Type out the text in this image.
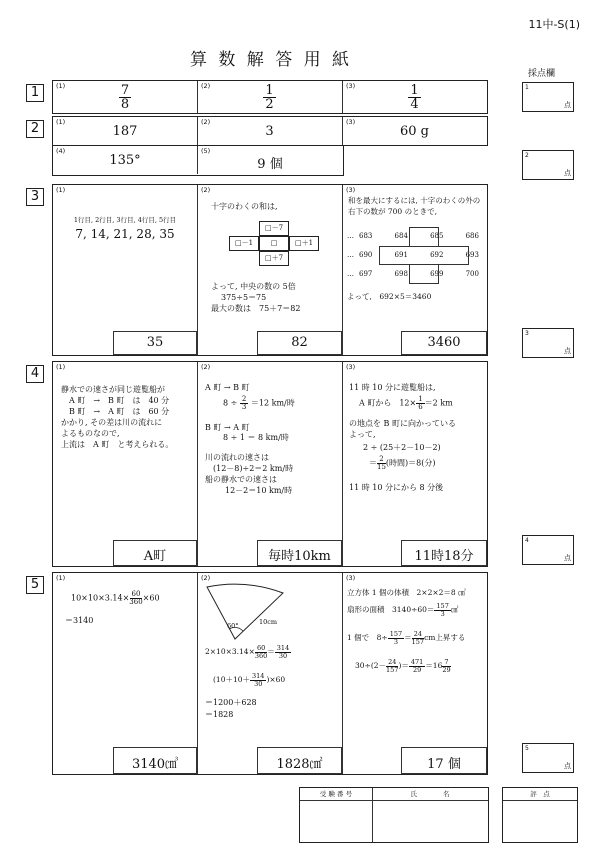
11中-S(1)
算 数 解 答 用 紙
採点欄
1
点
2
点
3
点
4
点
5
点
1	(1)	(2)	(3)
$\frac{7}{8}$	$\frac{1}{2}$	$\frac{1}{4}$
2	(1)	(2)	(3)
187	3	60 g
(4)	(5)
135°	9 個
3	(1)	(2)	(3)
1行目, 2行目, 3行目, 4行目, 5行目
7, 14, 21, 28, 35
十字のわくの和は,
□－7
□－1	□	□＋1
□＋7
よって, 中央の数の 5倍
375÷5＝75
最大の数は　75＋7＝82
和を最大にするには, 十字のわくの外の右下の数が 700 のときで,
…
…
…
683	684	685	686
690	691	692	693
697	698	699	700
よって,　692×5＝3460
35	82	3460
4	(1)	(2)	(3)
静水での速さが同じ遊覧船が
A 町　→　B 町　は　40 分
B 町　→　A 町　は　60 分
かかり, その差は川の流れに
よるものなので,
上流は　A 町　と考えられる。
A 町 → B 町
$8 \div \frac{2}{3} =12$ km/時
B 町 → A 町
8 ÷ 1 ＝ 8 km/時
川の流れの速さは
(12－8)÷2＝2 km/時
船の静水での速さは
12－2＝10 km/時
11 時 10 分に遊覧船は,
A 町から　$12\times \frac{1}{6} =2$ km
の地点を B 町に向かっている
よって,
2 ÷ (25＋2－10－2)
＝ $\frac{2}{15}$ (時間)＝8(分)
11 時 10 分にから 8 分後
A町	毎時10km	11時18分
5	(1)	(2)	(3)
$10\times 10\times 3.14\times \frac{60}{360} \times 60$
＝3140
60°	10cm
$2\times 10\times 3.14\times \frac{60}{360} = \frac{314}{30}$
$(10+10+ \frac{314}{30} )\times 60$
＝1200＋628
＝1828
立方体 1 個の体積　2×2×2＝8 ㎤
扇形の面積　$3140\div 60= \frac{157}{3}$ ㎠
1 個で　$8\div \frac{157}{3} = \frac{24}{157}$ cm上昇する
$30\div(2- \frac{24}{157}$ )＝ $\frac{471}{29} =16 \frac{7}{29}$
3140㎤	1828㎠	17 個
受 験 番 号	氏　　　　名	評　点
